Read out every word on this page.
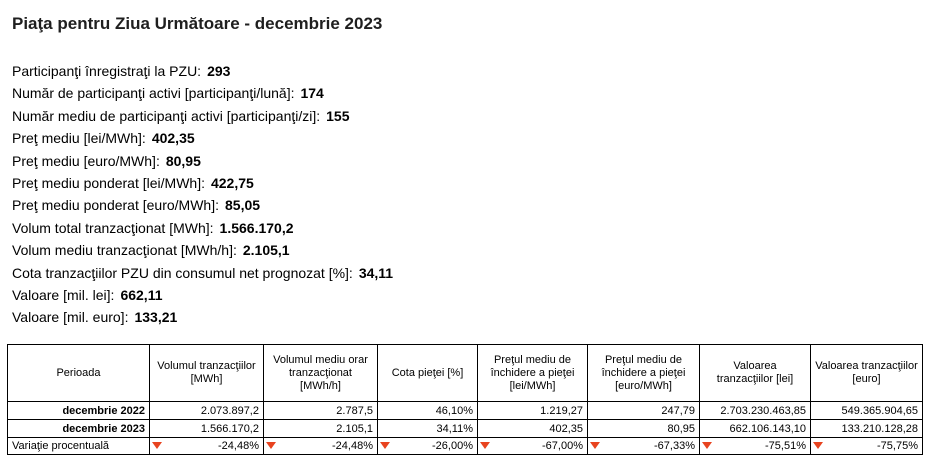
Piaţa pentru Ziua Următoare - decembrie 2023
Participanţi înregistraţi la PZU: 293
Număr de participanţi activi [participanţi/lună]: 174
Număr mediu de participanţi activi [participanţi/zi]: 155
Preţ mediu [lei/MWh]: 402,35
Preţ mediu [euro/MWh]: 80,95
Preţ mediu ponderat [lei/MWh]: 422,75
Preţ mediu ponderat [euro/MWh]: 85,05
Volum total tranzacţionat [MWh]: 1.566.170,2
Volum mediu tranzacţionat [MWh/h]: 2.105,1
Cota tranzacţiilor PZU din consumul net prognozat [%]: 34,11
Valoare [mil. lei]: 662,11
Valoare [mil. euro]: 133,21
Perioada	Volumul tranzacţiilor [MWh]	Volumul mediu orar tranzacţionat [MWh/h]	Cota pieţei [%]	Preţul mediu de închidere a pieţei [lei/MWh]	Preţul mediu de închidere a pieţei [euro/MWh]	Valoarea tranzacţiilor [lei]	Valoarea tranzacţiilor [euro]
decembrie 2022	2.073.897,2	2.787,5	46,10%	1.219,27	247,79	2.703.230.463,85	549.365.904,65
decembrie 2023	1.566.170,2	2.105,1	34,11%	402,35	80,95	662.106.143,10	133.210.128,28
Variaţie procentuală	-24,48%	-24,48%	-26,00%	-67,00%	-67,33%	-75,51%	-75,75%
